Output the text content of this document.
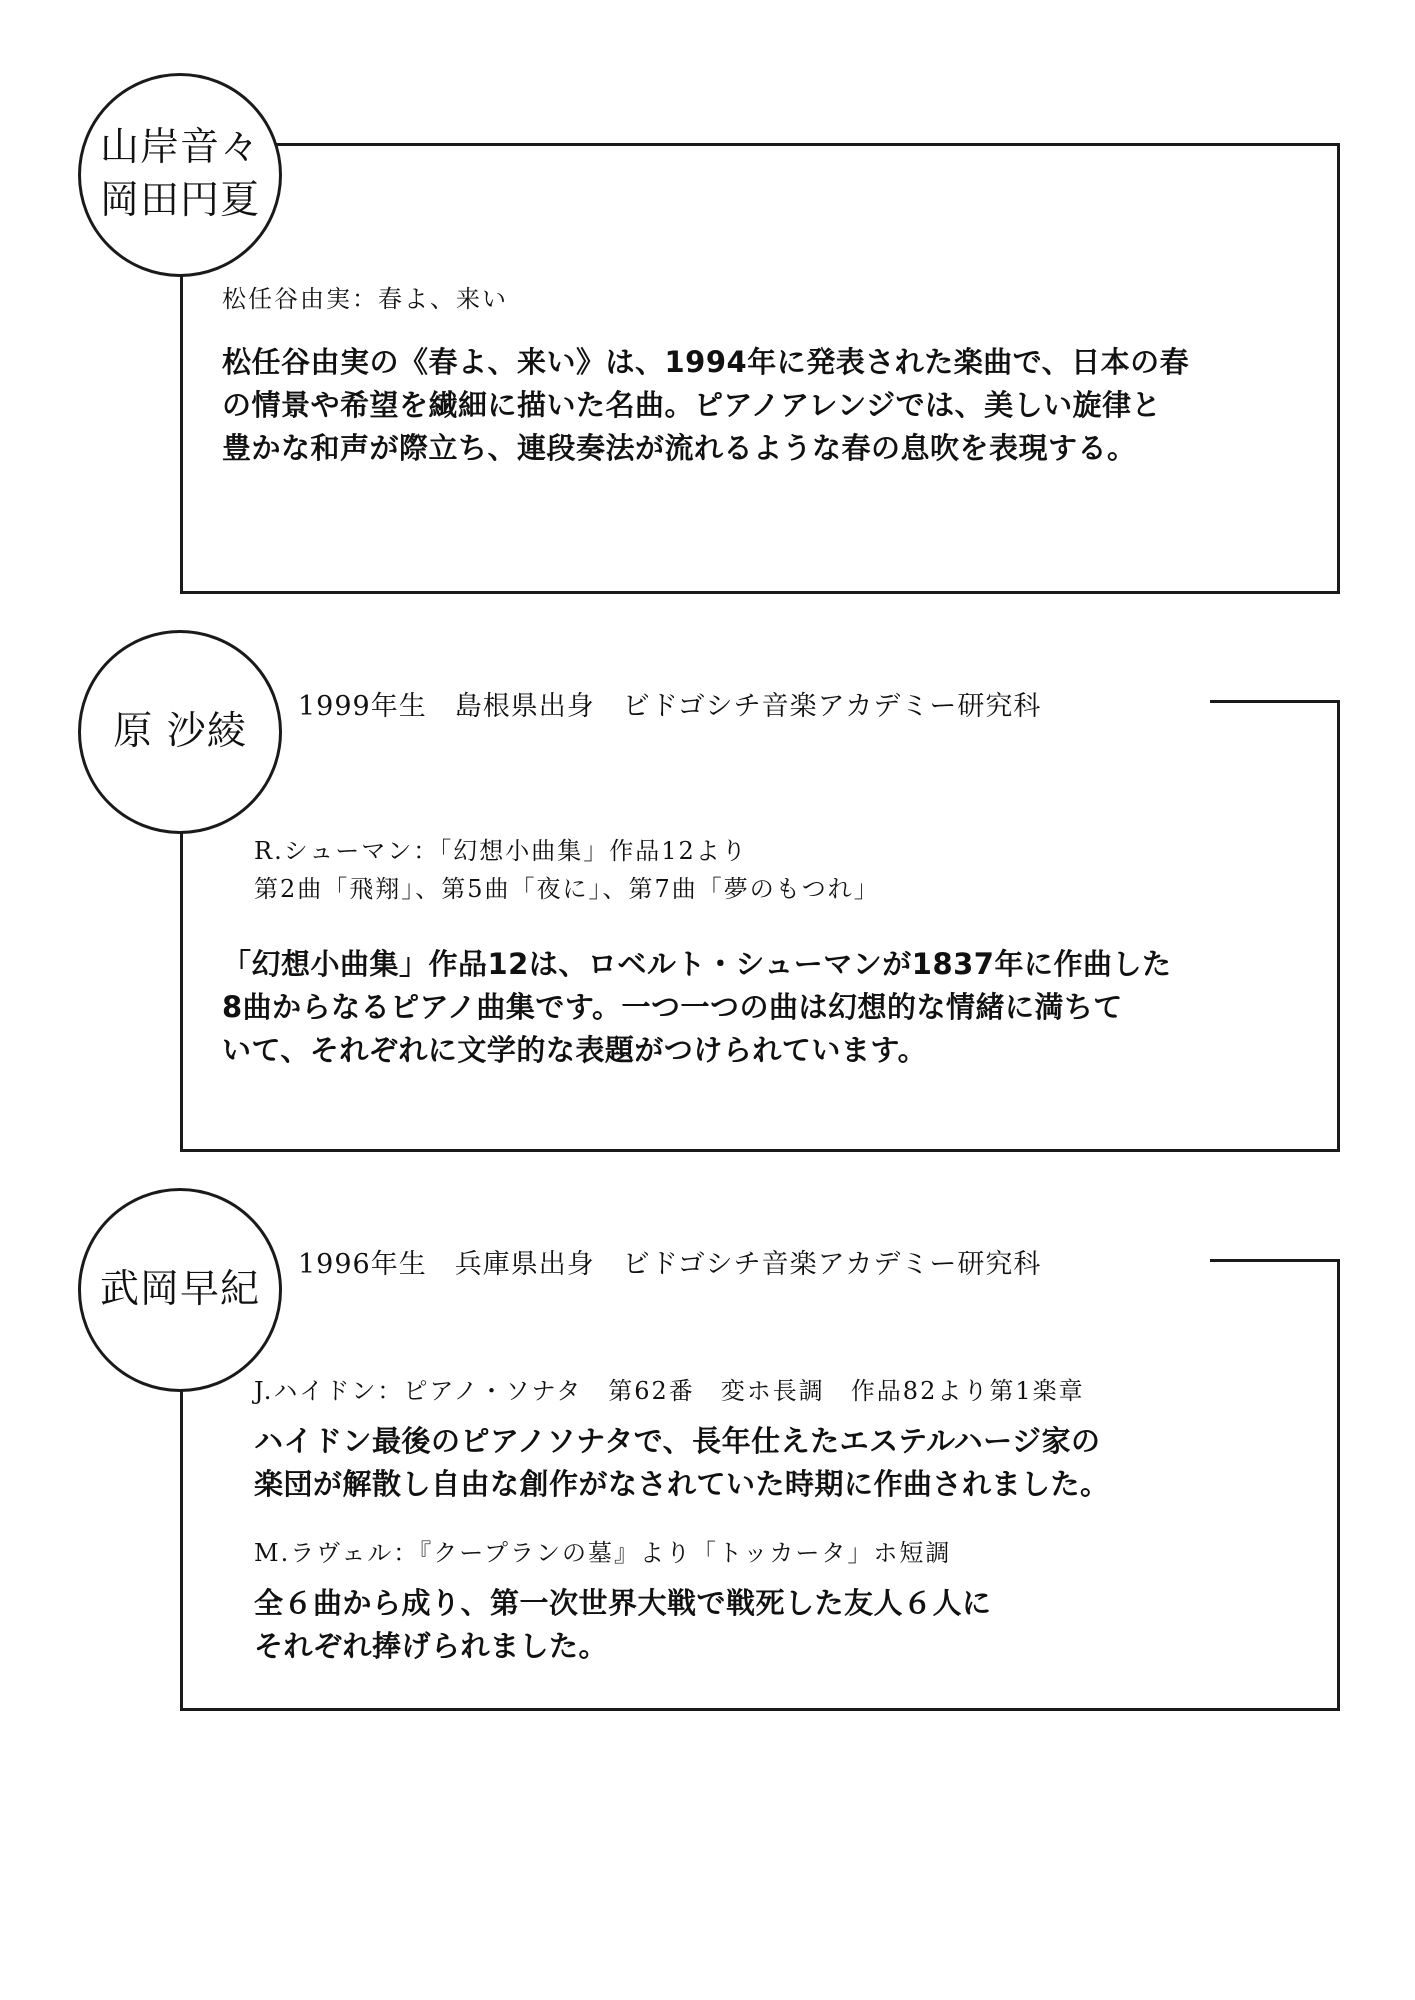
山岸音々
岡田円夏
松任谷由実：春よ、来い
松任谷由実の《春よ、来い》は、1994年に発表された楽曲で、日本の春
の情景や希望を繊細に描いた名曲。ピアノアレンジでは、美しい旋律と
豊かな和声が際立ち、連段奏法が流れるような春の息吹を表現する。
原 沙綾
1999年生　島根県出身　ビドゴシチ音楽アカデミー研究科
R.シューマン：「幻想小曲集」作品12より
第2曲「飛翔」、第5曲「夜に」、第7曲「夢のもつれ」
「幻想小曲集」作品12は、ロベルト・シューマンが1837年に作曲した
8曲からなるピアノ曲集です。一つ一つの曲は幻想的な情緒に満ちて
いて、それぞれに文学的な表題がつけられています。
武岡早紀
1996年生　兵庫県出身　ビドゴシチ音楽アカデミー研究科
J.ハイドン：ピアノ・ソナタ　第62番　変ホ長調　作品82より第1楽章
ハイドン最後のピアノソナタで、長年仕えたエステルハージ家の
楽団が解散し自由な創作がなされていた時期に作曲されました。
M.ラヴェル：『クープランの墓』より「トッカータ」ホ短調
全６曲から成り、第一次世界大戦で戦死した友人６人に
それぞれ捧げられました。
